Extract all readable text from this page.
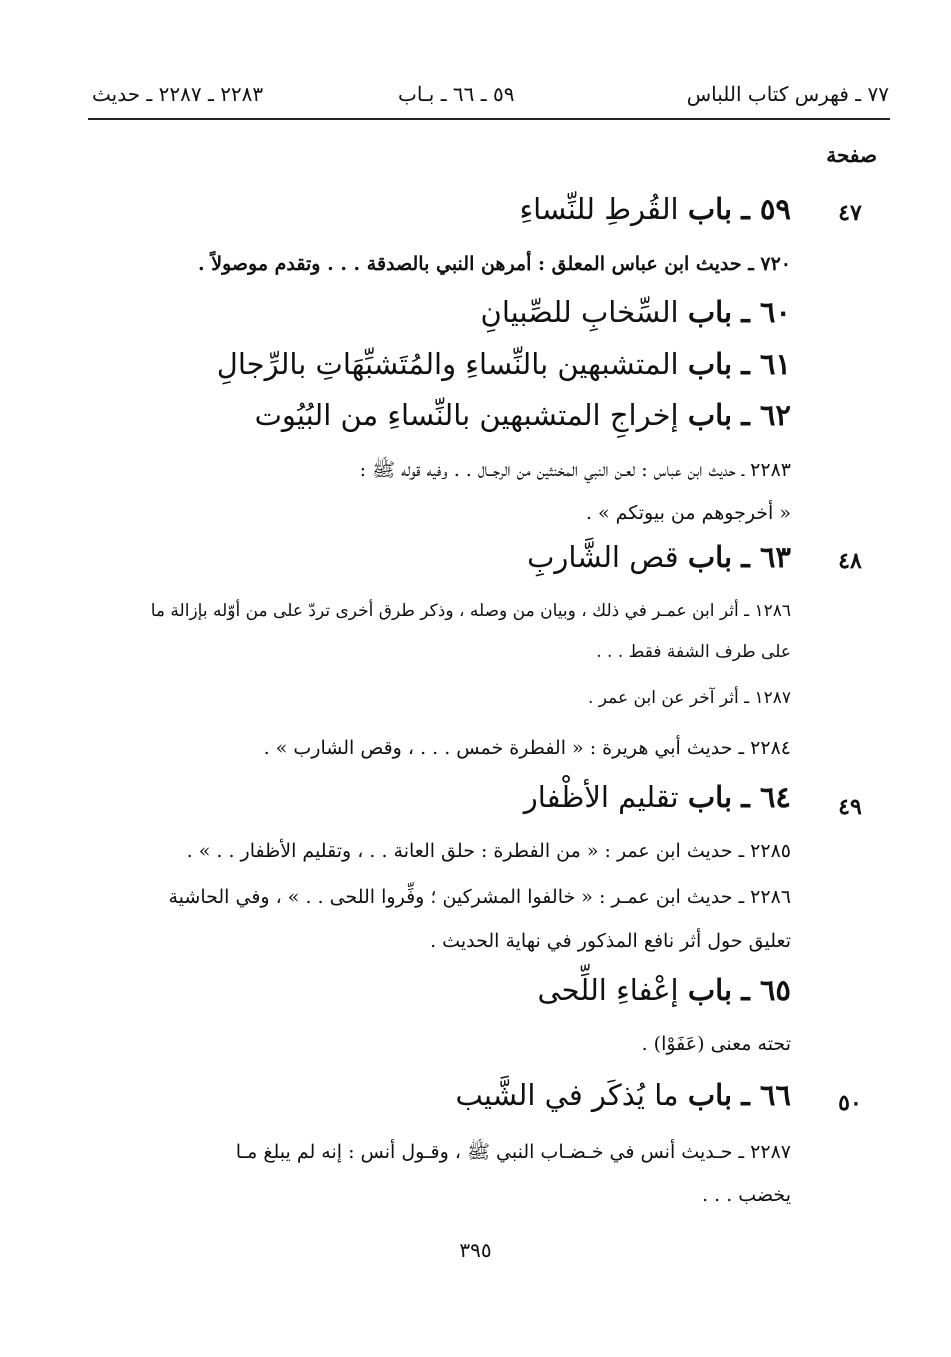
٧٧ ـ فهرس كتاب اللباس
٥٩ ـ ٦٦ ـ بـاب
٢٢٨٣ ـ ٢٢٨٧ ـ حديث
صفحة
٤٧
٥٩ ـ باب القُرطِ للنِّساءِ
٧٢٠ ـ حديث ابن عباس المعلق : أمرهن النبي بالصدقة . . . وتقدم موصولاً .
٦٠ ـ باب السِّخابِ للصِّبيانِ
٦١ ـ باب المتشبهين بالنِّساءِ والمُتَشبِّهَاتِ بالرِّجالِ
٦٢ ـ باب إخراجِ المتشبهين بالنِّساءِ من البُيُوت
٢٢٨٣ ـ حديث ابن عباس : لعـن النبي المخنثين من الرجــال . . وفيه قوله ﷺ :
« أخرجوهم من بيوتكم » .
٤٨
٦٣ ـ باب قص الشَّاربِ
١٢٨٦ ـ أثر ابن عمـر في ذلك ، وبيان من وصله ، وذكر طرق أخرى تردّ على من أوّله بإزالة ما
على طرف الشفة فقط . . .
١٢٨٧ ـ أثر آخر عن ابن عمر .
٢٢٨٤ ـ حديث أبي هريرة : « الفطرة خمس . . . ، وقص الشارب » .
٤٩
٦٤ ـ باب تقليم الأظْفار
٢٢٨٥ ـ حديث ابن عمر : « من الفطرة : حلق العانة . . ، وتقليم الأظفار . . » .
٢٢٨٦ ـ حديث ابن عمـر : « خالفوا المشركين ؛ وفِّروا اللحى . . » ، وفي الحاشية
تعليق حول أثر نافع المذكور في نهاية الحديث .
٦٥ ـ باب إعْفاءِ اللِّحى
تحته معنى (عَفَوْا) .
٥٠
٦٦ ـ باب ما يُذكَر في الشَّيب
٢٢٨٧ ـ حـديث أنس في خـضـاب النبي ﷺ ، وقـول أنس : إنه لم يبلغ مـا
يخضب . . .
٣٩٥
